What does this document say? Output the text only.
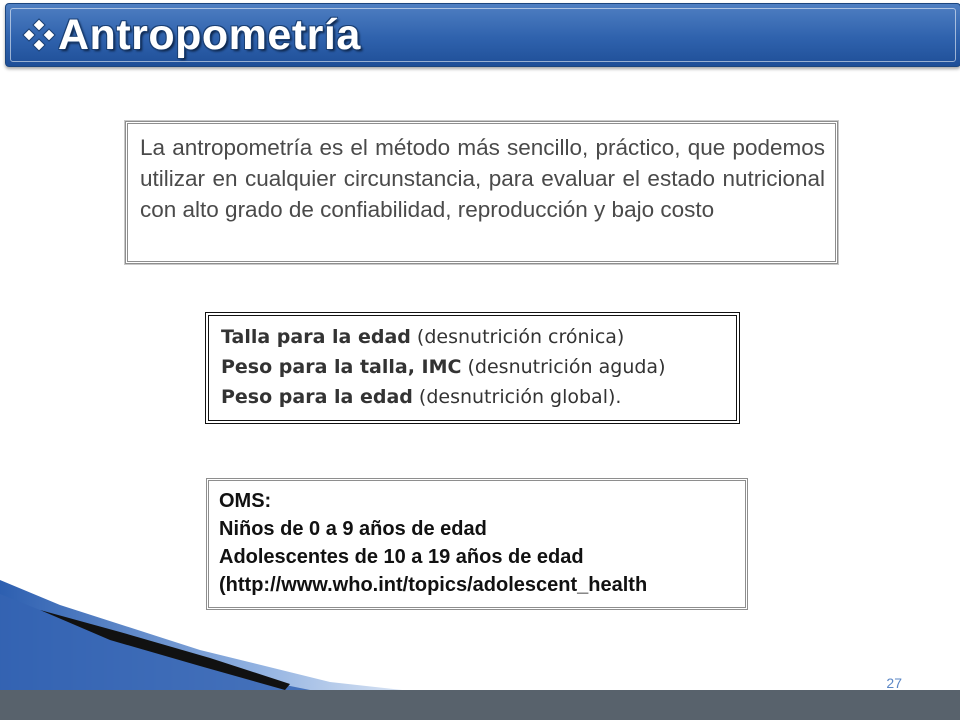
Antropometría

La antropometría es el método más sencillo, práctico, que podemos utilizar en cualquier circunstancia, para evaluar el estado nutricional con alto grado de confiabilidad, reproducción y bajo costo

Talla para la edad (desnutrición crónica)
Peso para la talla, IMC (desnutrición aguda)
Peso para la edad (desnutrición global).
OMS:
Niños de 0 a 9 años de edad
Adolescentes de 10 a 19 años de edad
(http://www.who.int/topics/adolescent_health
27
